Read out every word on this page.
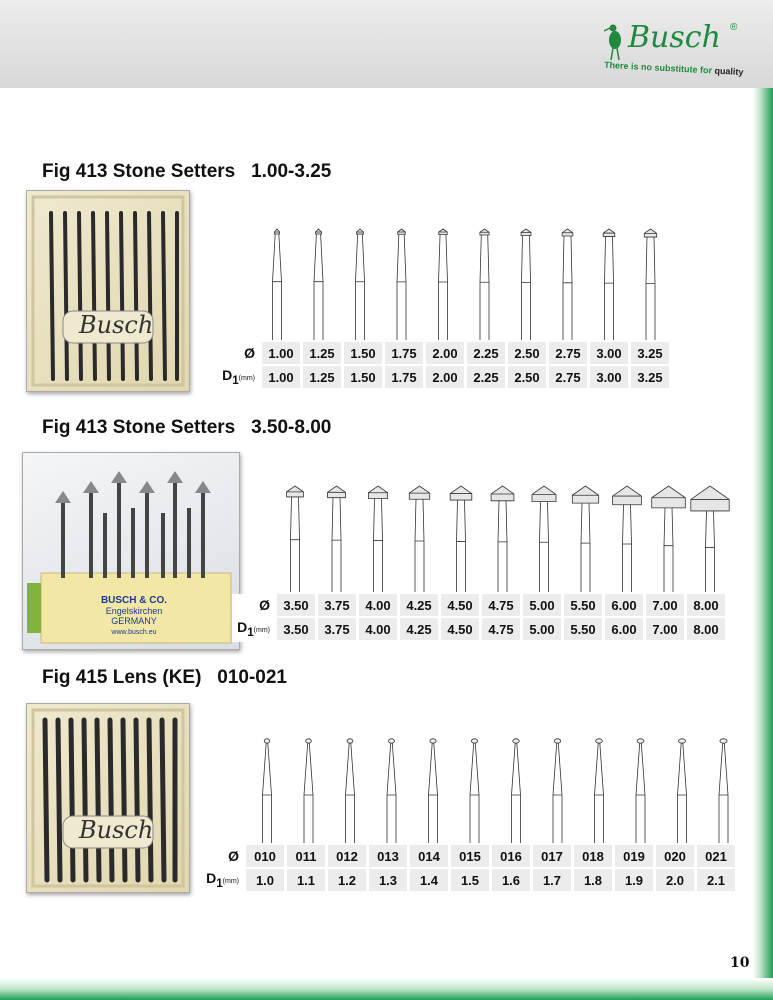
Busch ®
There is no substitute for quality
Fig 413 Stone Setters 1.00-3.25
Busch
Ø	1.00	1.25	1.50	1.75	2.00	2.25	2.50	2.75	3.00	3.25
$D_1(mm)$	1.00	1.25	1.50	1.75	2.00	2.25	2.50	2.75	3.00	3.25
Fig 413 Stone Setters 3.50-8.00
BUSCH & CO.
Engelskirchen
GERMANY
www.busch.eu
Ø	3.50	3.75	4.00	4.25	4.50	4.75	5.00	5.50	6.00	7.00	8.00
$D_1(mm)$	3.50	3.75	4.00	4.25	4.50	4.75	5.00	5.50	6.00	7.00	8.00
Fig 415 Lens (KE) 010-021
Busch
Ø	010	011	012	013	014	015	016	017	018	019	020	021
$D_1(mm)$	1.0	1.1	1.2	1.3	1.4	1.5	1.6	1.7	1.8	1.9	2.0	2.1
10
